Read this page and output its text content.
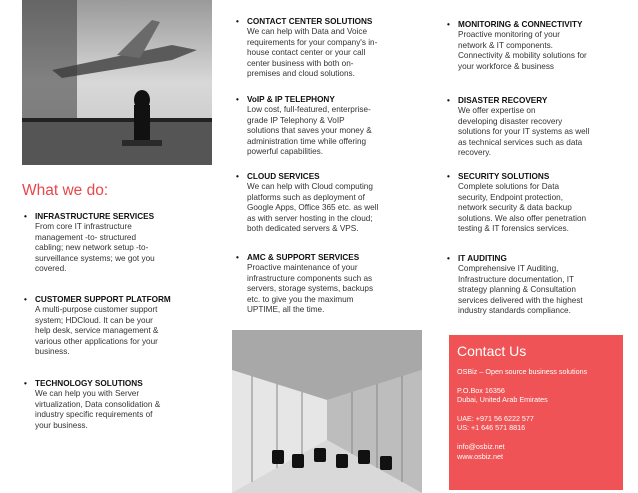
What we do:
• INFRASTRUCTURE SERVICES
From core IT infrastructure
management -to- structured
cabling; new network setup -to-
surveillance systems; we got you
covered.
• CUSTOMER SUPPORT PLATFORM
A multi-purpose customer support
system; HDCloud. It can be your
help desk, service management &
various other applications for your
business.
• TECHNOLOGY SOLUTIONS
We can help you with Server
virtualization, Data consolidation &
industry specific requirements of
your business.
• CONTACT CENTER SOLUTIONS
We can help with Data and Voice
requirements for your company's in-
house contact center or your call
center business with both on-
premises and cloud solutions.
• VoIP & IP TELEPHONY
Low cost, full-featured, enterprise-
grade IP Telephony & VoIP
solutions that saves your money &
administration time while offering
powerful capabilities.
• CLOUD SERVICES
We can help with Cloud computing
platforms such as deployment of
Google Apps, Office 365 etc. as well
as with server hosting in the cloud;
both dedicated servers & VPS.
• AMC & SUPPORT SERVICES
Proactive maintenance of your
infrastructure components such as
servers, storage systems, backups
etc. to give you the maximum
UPTIME, all the time.
• MONITORING & CONNECTIVITY
Proactive monitoring of your
network & IT components.
Connectivity & mobility solutions for
your workforce & business
• DISASTER RECOVERY
We offer expertise on
developing disaster recovery
solutions for your IT systems as well
as technical services such as data
recovery.
• SECURITY SOLUTIONS
Complete solutions for Data
security, Endpoint protection,
network security & data backup
solutions. We also offer penetration
testing & IT forensics services.
• IT AUDITING
Comprehensive IT Auditing,
Infrastructure documentation, IT
strategy planning & Consultation
services delivered with the highest
industry standards compliance.
Contact Us

OSBiz – Open source business solutions

P.O.Box 16356
Dubai, United Arab Emirates

UAE: +971 56 6222 577
US: +1 646 571 8816

info@osbiz.net
www.osbiz.net
